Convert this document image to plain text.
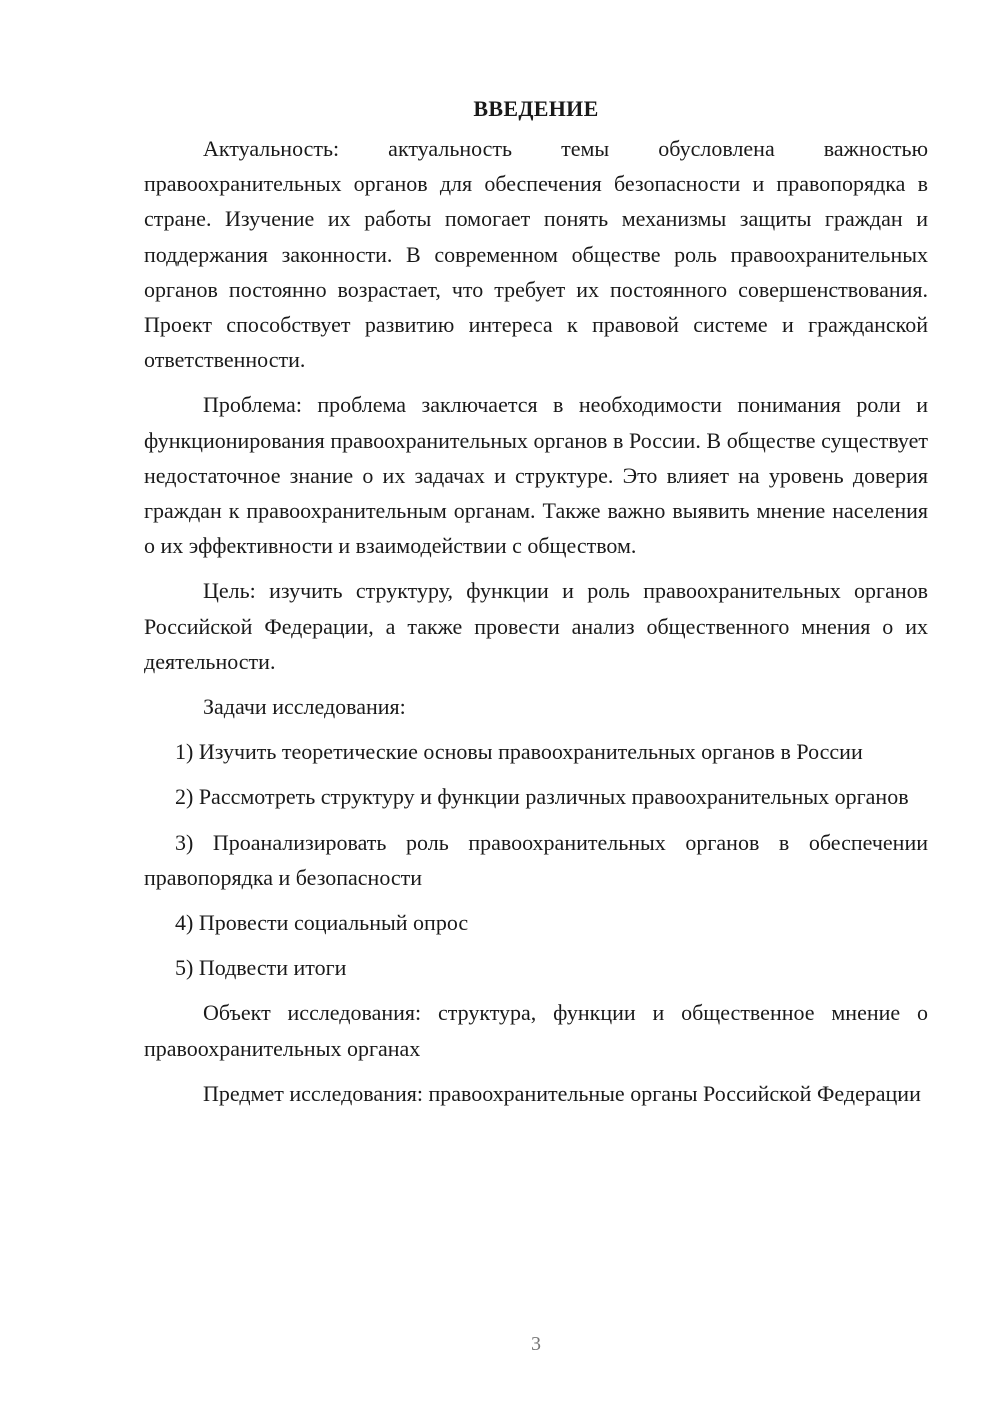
ВВЕДЕНИЕ

Актуальность: актуальность темы обусловлена важностью правоохранительных органов для обеспечения безопасности и правопорядка в стране. Изучение их работы помогает понять механизмы защиты граждан и поддержания законности. В современном обществе роль правоохранительных органов постоянно возрастает, что требует их постоянного совершенствования. Проект способствует развитию интереса к правовой системе и гражданской ответственности.

Проблема: проблема заключается в необходимости понимания роли и функционирования правоохранительных органов в России. В обществе существует недостаточное знание о их задачах и структуре. Это влияет на уровень доверия граждан к правоохранительным органам. Также важно выявить мнение населения о их эффективности и взаимодействии с обществом.

Цель: изучить структуру, функции и роль правоохранительных органов Российской Федерации, а также провести анализ общественного мнения о их деятельности.

Задачи исследования:

1) Изучить теоретические основы правоохранительных органов в России

2) Рассмотреть структуру и функции различных правоохранительных органов

3) Проанализировать роль правоохранительных органов в обеспечении правопорядка и безопасности

4) Провести социальный опрос

5) Подвести итоги

Объект исследования: структура, функции и общественное мнение о правоохранительных органах

Предмет исследования: правоохранительные органы Российской Федерации

3
